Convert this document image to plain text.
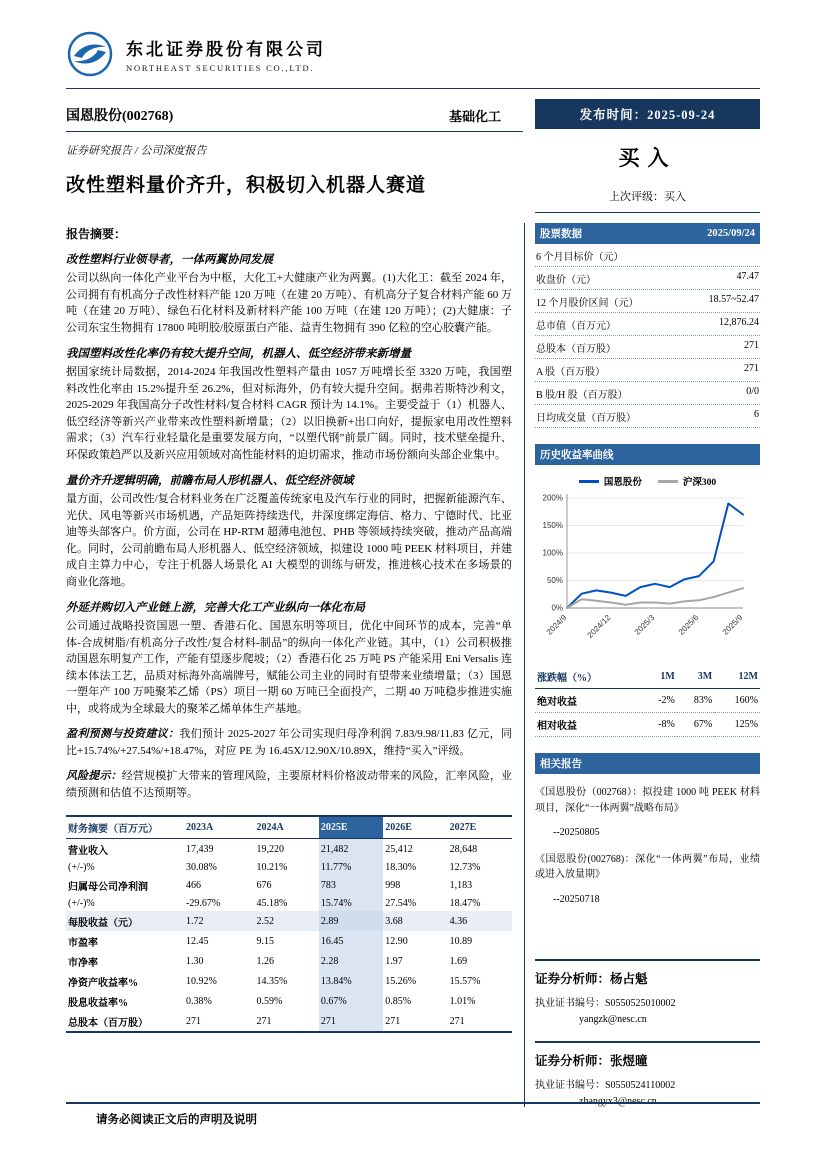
东北证券股份有限公司
NORTHEAST SECURITIES CO.,LTD.
国恩股份(002768)	基础化工	发布时间：2025-09-24

证券研究报告 / 公司深度报告

改性塑料量价齐升，积极切入机器人赛道
买入
上次评级：买入

报告摘要：

改性塑料行业领导者，一体两翼协同发展

公司以纵向一体化产业平台为中枢，大化工+大健康产业为两翼。(1)大化工：截至 2024 年，公司拥有有机高分子改性材料产能 120 万吨（在建 20 万吨）、有机高分子复合材料产能 60 万吨（在建 20 万吨）、绿色石化材料及新材料产能 100 万吨（在建 120 万吨）；(2)大健康：子公司东宝生物拥有 17800 吨明胶/胶原蛋白产能、益青生物拥有 390 亿粒的空心胶囊产能。

我国塑料改性化率仍有较大提升空间，机器人、低空经济带来新增量

据国家统计局数据，2014-2024 年我国改性塑料产量由 1057 万吨增长至 3320 万吨，我国塑料改性化率由 15.2%提升至 26.2%，但对标海外，仍有较大提升空间。据弗若斯特沙利文，2025-2029 年我国高分子改性材料/复合材料 CAGR 预计为 14.1%。主要受益于（1）机器人、低空经济等新兴产业带来改性塑料新增量；（2）以旧换新+出口向好，提振家电用改性塑料需求；（3）汽车行业轻量化是重要发展方向，“以塑代钢”前景广阔。同时，技术壁垒提升、环保政策趋严以及新兴应用领域对高性能材料的迫切需求，推动市场份额向头部企业集中。

量价齐升逻辑明确，前瞻布局人形机器人、低空经济领域

量方面，公司改性/复合材料业务在广泛覆盖传统家电及汽车行业的同时，把握新能源汽车、光伏、风电等新兴市场机遇，产品矩阵持续迭代，并深度绑定海信、格力、宁德时代、比亚迪等头部客户。价方面，公司在 HP-RTM 超薄电池包、PHB 等领域持续突破，推动产品高端化。同时，公司前瞻布局人形机器人、低空经济领域，拟建设 1000 吨 PEEK 材料项目，并建成自主算力中心，专注于机器人场景化 AI 大模型的训练与研发，推进核心技术在多场景的商业化落地。

外延并购切入产业链上游，完善大化工产业纵向一体化布局

公司通过战略投资国恩一塑、香港石化、国恩东明等项目，优化中间环节的成本，完善“单体-合成树脂/有机高分子改性/复合材料-制品”的纵向一体化产业链。其中，（1）公司积极推动国恩东明复产工作，产能有望逐步爬坡；（2）香港石化 25 万吨 PS 产能采用 Eni Versalis 连续本体法工艺，品质对标海外高端牌号，赋能公司主业的同时有望带来业绩增量；（3）国恩一塑年产 100 万吨聚苯乙烯（PS）项目一期 60 万吨已全面投产，二期 40 万吨稳步推进实施中，或将成为全球最大的聚苯乙烯单体生产基地。

盈利预测与投资建议：我们预计 2025-2027 年公司实现归母净利润 7.83/9.98/11.83 亿元，同比+15.74%/+27.54%/+18.47%，对应 PE 为 16.45X/12.90X/10.89X，维持“买入”评级。

风险提示：经营规模扩大带来的管理风险，主要原材料价格波动带来的风险，汇率风险，业绩预测和估值不达预期等。

财务摘要（百万元）	2023A	2024A	2025E	2026E	2027E
营业收入	17,439	19,220	21,482	25,412	28,648
(+/-)%	30.08%	10.21%	11.77%	18.30%	12.73%
归属母公司净利润	466	676	783	998	1,183
(+/-)%	-29.67%	45.18%	15.74%	27.54%	18.47%
每股收益（元）	1.72	2.52	2.89	3.68	4.36
市盈率	12.45	9.15	16.45	12.90	10.89
市净率	1.30	1.26	2.28	1.97	1.69
净资产收益率%	10.92%	14.35%	13.84%	15.26%	15.57%
股息收益率%	0.38%	0.59%	0.67%	0.85%	1.01%
总股本（百万股）	271	271	271	271	271
股票数据	2025/09/24
6 个月目标价（元）
收盘价（元）	47.47
12 个月股价区间（元）	18.57~52.47
总市值（百万元）	12,876.24
总股本（百万股）	271
A 股（百万股）	271
B 股/H 股（百万股）	0/0
日均成交量（百万股）	6
历史收益率曲线
国恩股份	沪深300
0%
50%
100%
150%
200%
2024/9 2024/12	2025/3	2025/6	2025/9
涨跌幅（%）	1M	3M	12M
绝对收益	-2%	83%	160%
相对收益	-8%	67%	125%
相关报告
《国恩股份（002768）：拟投建 1000 吨 PEEK 材料项目，深化“一体两翼”战略布局》
--20250805
《国恩股份(002768)：深化“一体两翼”布局，业绩或进入放量期》
--20250718

证券分析师：杨占魁

执业证书编号：S0550525010002

yangzk@nesc.cn

证券分析师：张煜曈

执业证书编号：S0550524110002

zhangyx3@nesc.cn

请务必阅读正文后的声明及说明
